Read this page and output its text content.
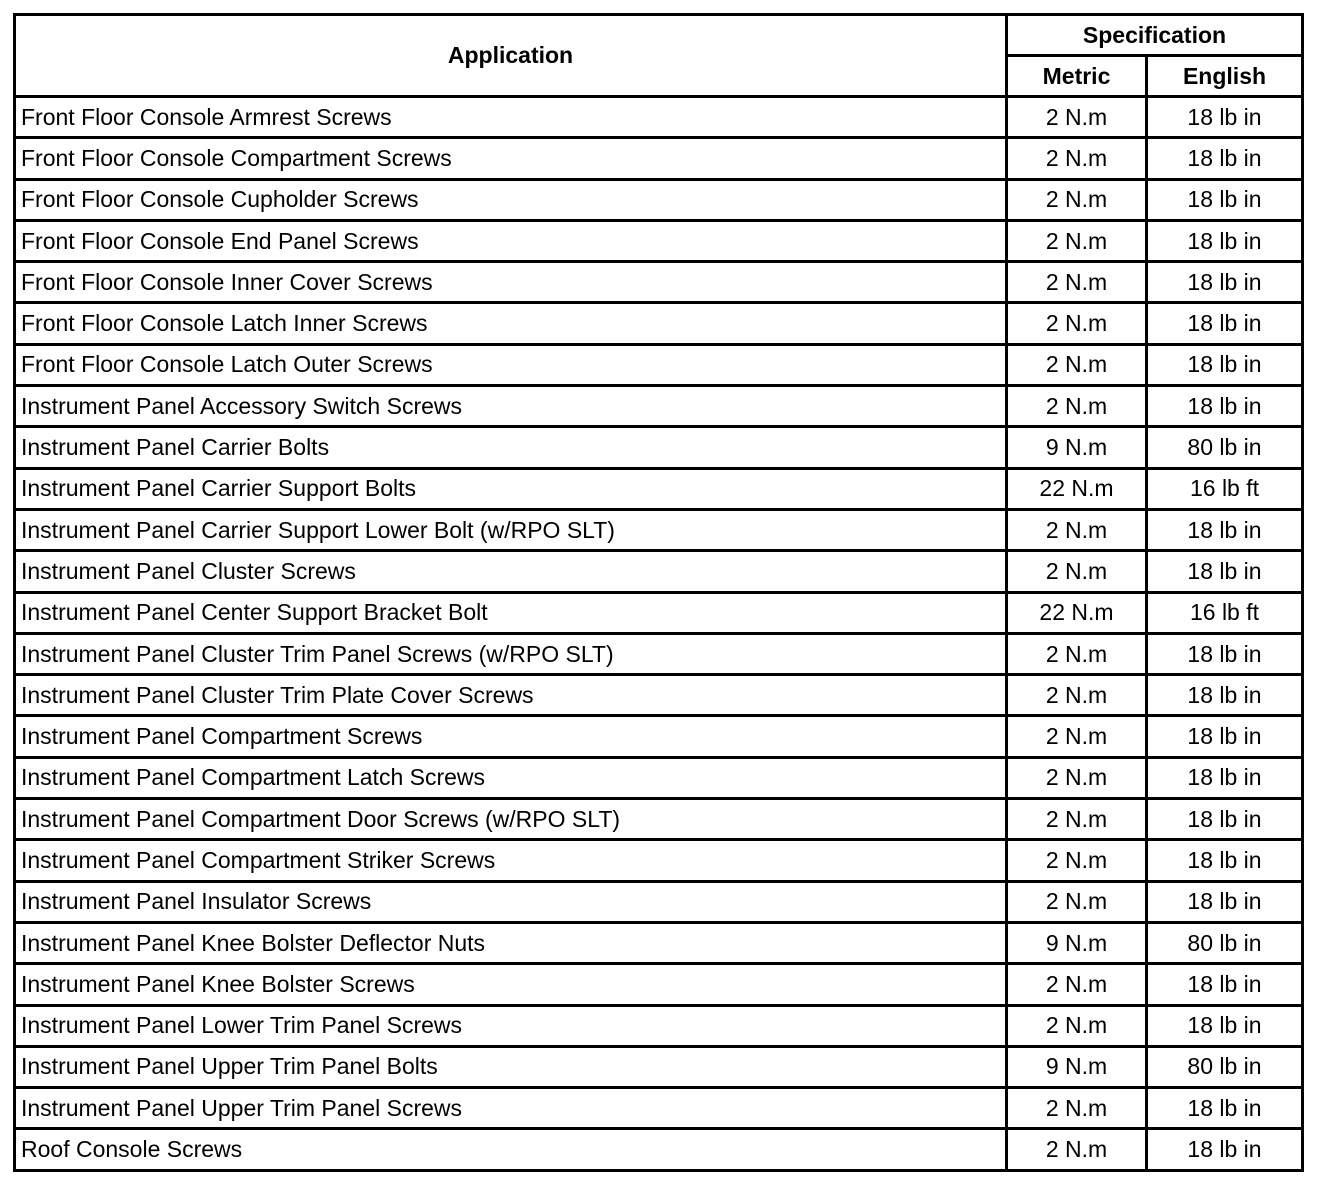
Application	Specification	
	Metric	English
Front Floor Console Armrest Screws	2 N.m	18 lb in
Front Floor Console Compartment Screws	2 N.m	18 lb in
Front Floor Console Cupholder Screws	2 N.m	18 lb in
Front Floor Console End Panel Screws	2 N.m	18 lb in
Front Floor Console Inner Cover Screws	2 N.m	18 lb in
Front Floor Console Latch Inner Screws	2 N.m	18 lb in
Front Floor Console Latch Outer Screws	2 N.m	18 lb in
Instrument Panel Accessory Switch Screws	2 N.m	18 lb in
Instrument Panel Carrier Bolts	9 N.m	80 lb in
Instrument Panel Carrier Support Bolts	22 N.m	16 lb ft
Instrument Panel Carrier Support Lower Bolt (w/RPO SLT)	2 N.m	18 lb in
Instrument Panel Cluster Screws	2 N.m	18 lb in
Instrument Panel Center Support Bracket Bolt	22 N.m	16 lb ft
Instrument Panel Cluster Trim Panel Screws (w/RPO SLT)	2 N.m	18 lb in
Instrument Panel Cluster Trim Plate Cover Screws	2 N.m	18 lb in
Instrument Panel Compartment Screws	2 N.m	18 lb in
Instrument Panel Compartment Latch Screws	2 N.m	18 lb in
Instrument Panel Compartment Door Screws (w/RPO SLT)	2 N.m	18 lb in
Instrument Panel Compartment Striker Screws	2 N.m	18 lb in
Instrument Panel Insulator Screws	2 N.m	18 lb in
Instrument Panel Knee Bolster Deflector Nuts	9 N.m	80 lb in
Instrument Panel Knee Bolster Screws	2 N.m	18 lb in
Instrument Panel Lower Trim Panel Screws	2 N.m	18 lb in
Instrument Panel Upper Trim Panel Bolts	9 N.m	80 lb in
Instrument Panel Upper Trim Panel Screws	2 N.m	18 lb in
Roof Console Screws	2 N.m	18 lb in
